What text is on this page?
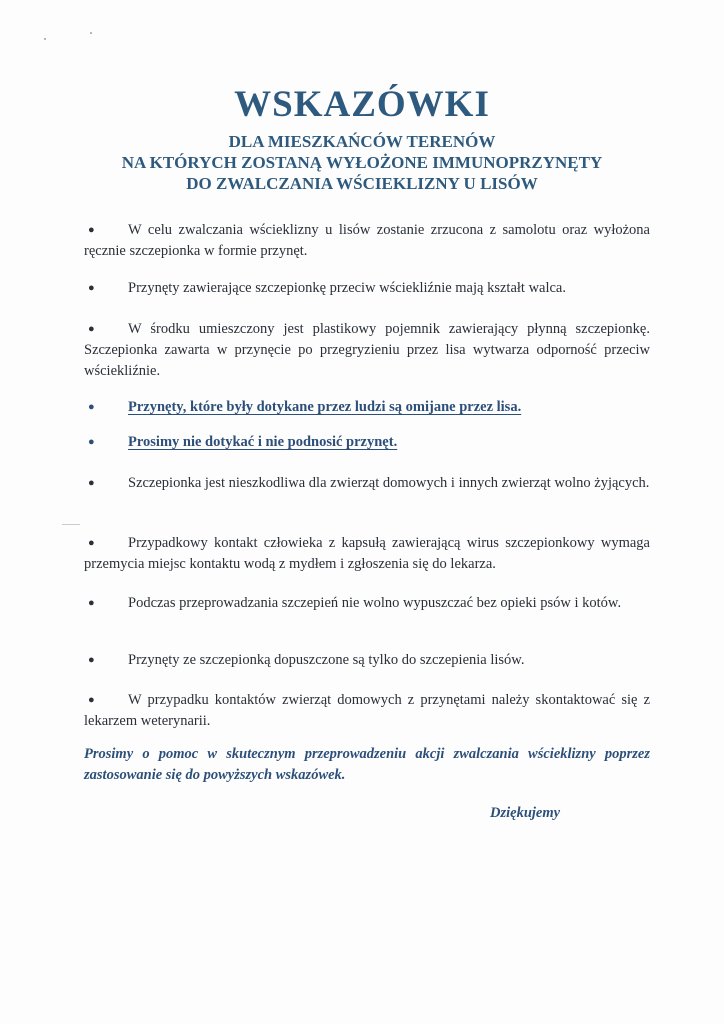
WSKAZÓWKI
DLA MIESZKAŃCÓW TERENÓW
NA KTÓRYCH ZOSTANĄ WYŁOŻONE IMMUNOPRZYNĘTY
DO ZWALCZANIA WŚCIEKLIZNY U LISÓW

● W celu zwalczania wścieklizny u lisów zostanie zrzucona z samolotu oraz wyłożona ręcznie szczepionka w formie przynęt.

● Przynęty zawierające szczepionkę przeciw wściekliźnie mają kształt walca.

● W środku umieszczony jest plastikowy pojemnik zawierający płynną szczepionkę. Szczepionka zawarta w przynęcie po przegryzieniu przez lisa wytwarza odporność przeciw wściekliźnie.

● Przynęty, które były dotykane przez ludzi są omijane przez lisa.

● Prosimy nie dotykać i nie podnosić przynęt.

● Szczepionka jest nieszkodliwa dla zwierząt domowych i innych zwierząt wolno żyjących.

● Przypadkowy kontakt człowieka z kapsułą zawierającą wirus szczepionkowy wymaga przemycia miejsc kontaktu wodą z mydłem i zgłoszenia się do lekarza.

● Podczas przeprowadzania szczepień nie wolno wypuszczać bez opieki psów i kotów.

● Przynęty ze szczepionką dopuszczone są tylko do szczepienia lisów.

● W przypadku kontaktów zwierząt domowych z przynętami należy skontaktować się z lekarzem weterynarii.

Prosimy o pomoc w skutecznym przeprowadzeniu akcji zwalczania wścieklizny poprzez zastosowanie się do powyższych wskazówek.

Dziękujemy
